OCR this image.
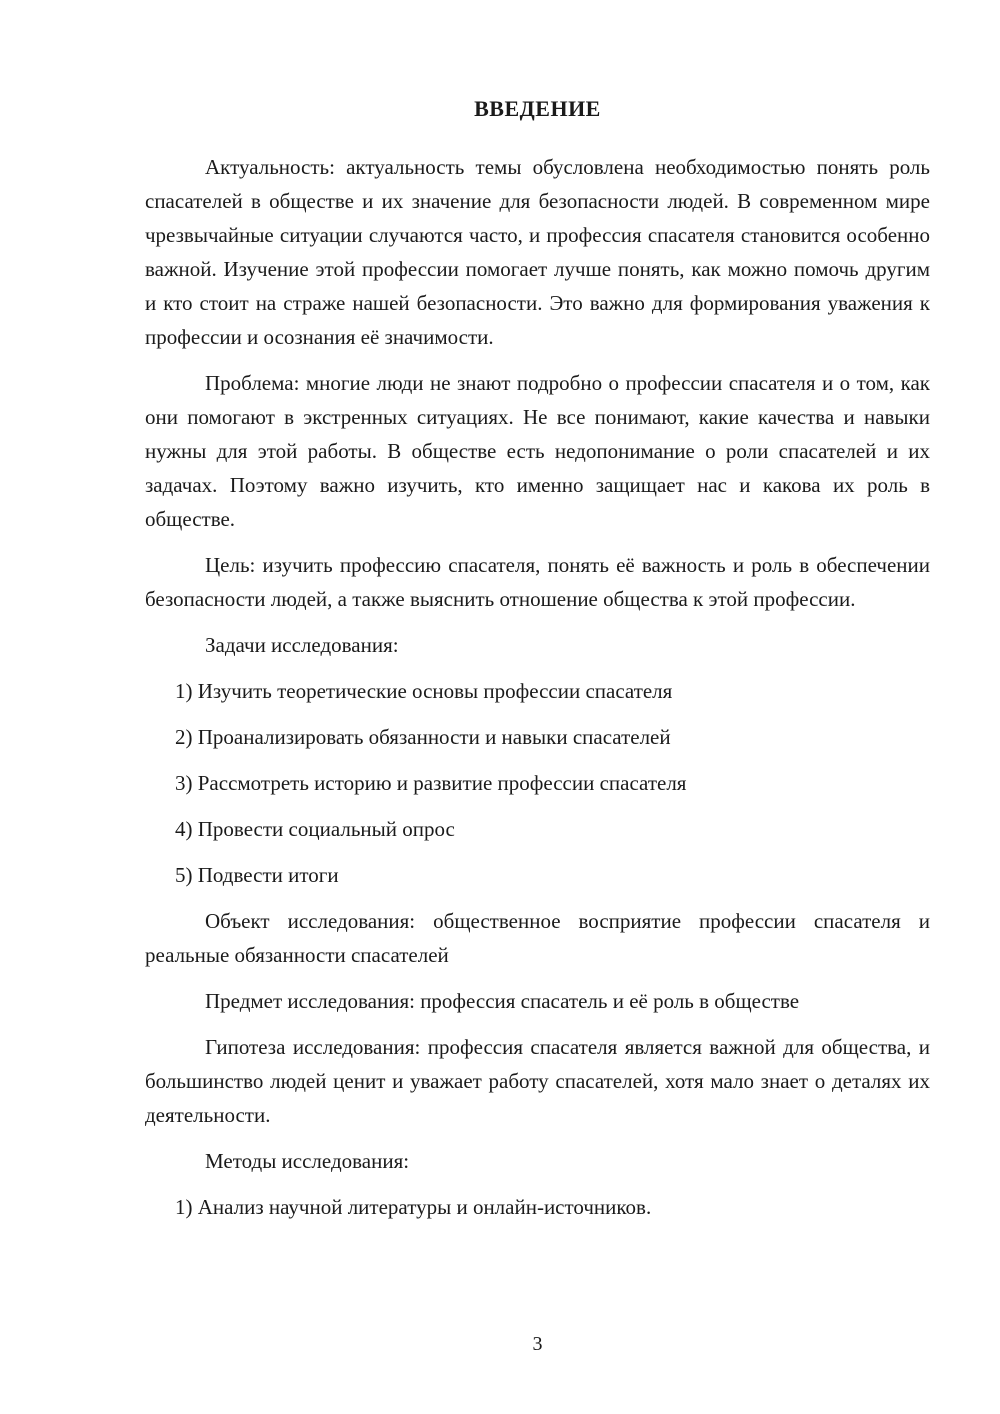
ВВЕДЕНИЕ

Актуальность: актуальность темы обусловлена необходимостью понять роль спасателей в обществе и их значение для безопасности людей. В современном мире чрезвычайные ситуации случаются часто, и профессия спасателя становится особенно важной. Изучение этой профессии помогает лучше понять, как можно помочь другим и кто стоит на страже нашей безопасности. Это важно для формирования уважения к профессии и осознания её значимости.

Проблема: многие люди не знают подробно о профессии спасателя и о том, как они помогают в экстренных ситуациях. Не все понимают, какие качества и навыки нужны для этой работы. В обществе есть недопонимание о роли спасателей и их задачах. Поэтому важно изучить, кто именно защищает нас и какова их роль в обществе.

Цель: изучить профессию спасателя, понять её важность и роль в обеспечении безопасности людей, а также выяснить отношение общества к этой профессии.

Задачи исследования:

1) Изучить теоретические основы профессии спасателя

2) Проанализировать обязанности и навыки спасателей

3) Рассмотреть историю и развитие профессии спасателя

4) Провести социальный опрос

5) Подвести итоги

Объект исследования: общественное восприятие профессии спасателя и реальные обязанности спасателей

Предмет исследования: профессия спасатель и её роль в обществе

Гипотеза исследования: профессия спасателя является важной для общества, и большинство людей ценит и уважает работу спасателей, хотя мало знает о деталях их деятельности.

Методы исследования:

1) Анализ научной литературы и онлайн-источников.

3
